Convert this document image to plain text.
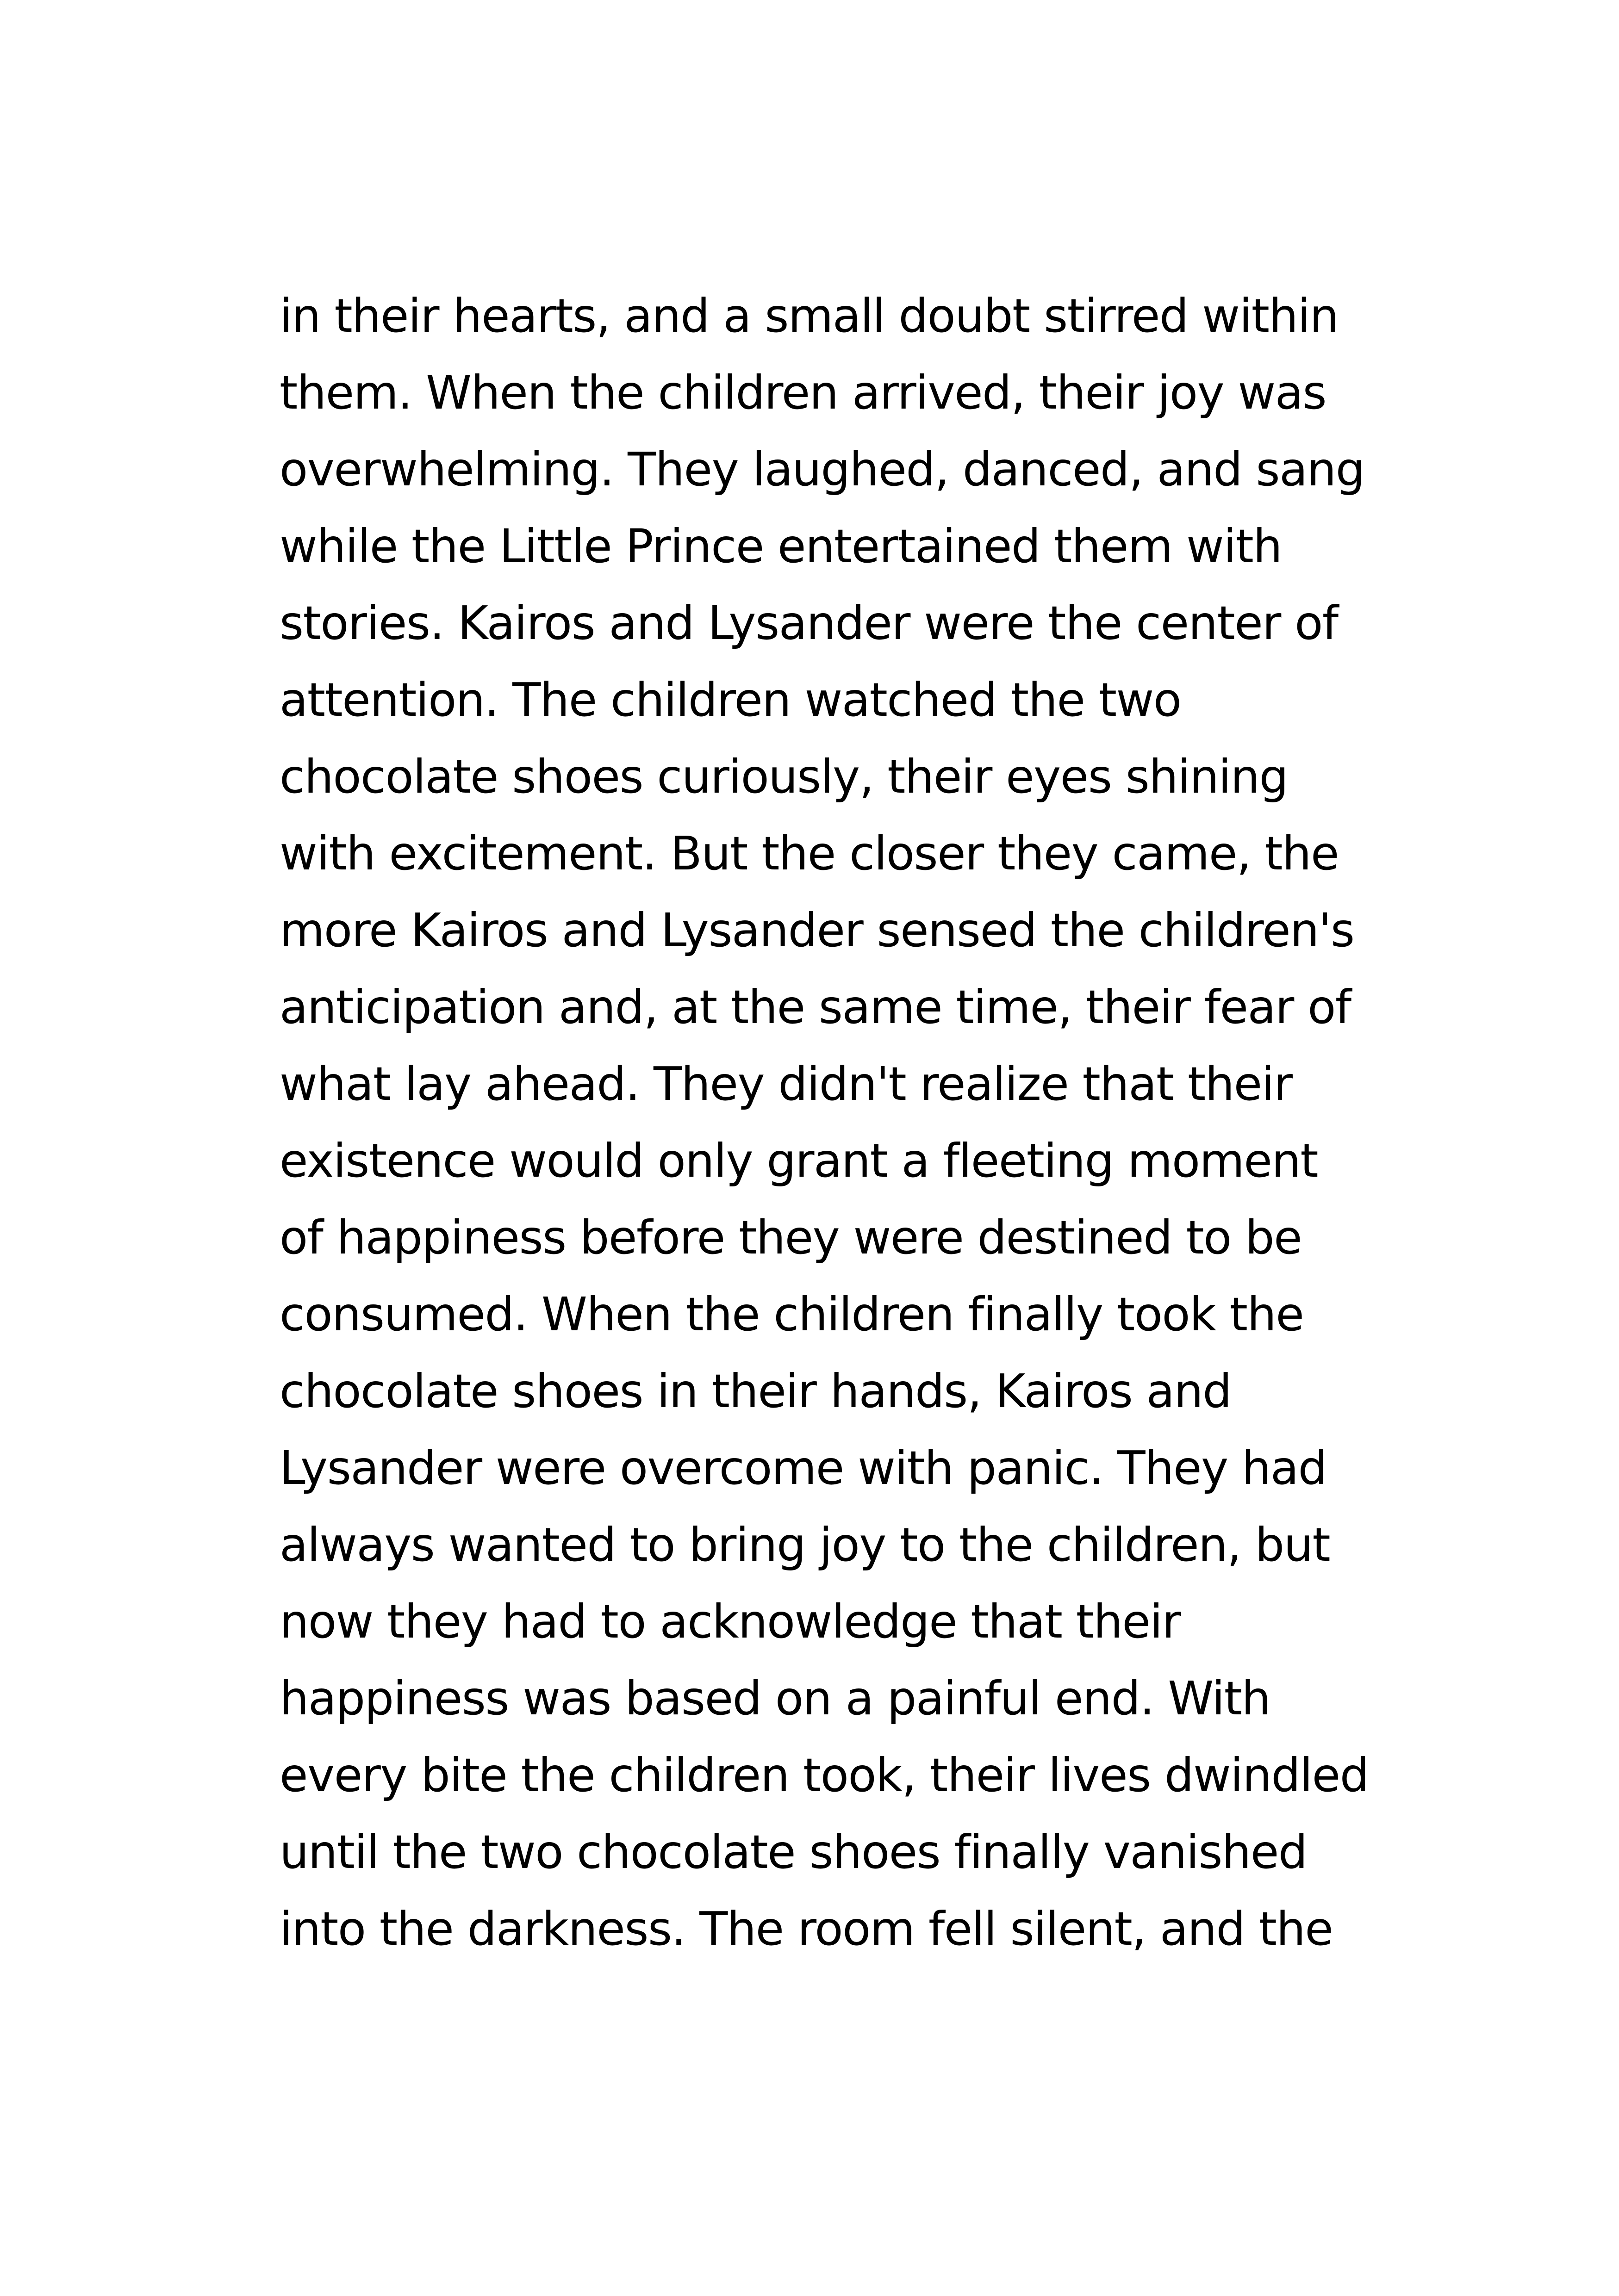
in their hearts, and a small doubt stirred within
them. When the children arrived, their joy was
overwhelming. They laughed, danced, and sang
while the Little Prince entertained them with
stories. Kairos and Lysander were the center of
attention. The children watched the two
chocolate shoes curiously, their eyes shining
with excitement. But the closer they came, the
more Kairos and Lysander sensed the children's
anticipation and, at the same time, their fear of
what lay ahead. They didn't realize that their
existence would only grant a fleeting moment
of happiness before they were destined to be
consumed. When the children finally took the
chocolate shoes in their hands, Kairos and
Lysander were overcome with panic. They had
always wanted to bring joy to the children, but
now they had to acknowledge that their
happiness was based on a painful end. With
every bite the children took, their lives dwindled
until the two chocolate shoes finally vanished
into the darkness. The room fell silent, and the
